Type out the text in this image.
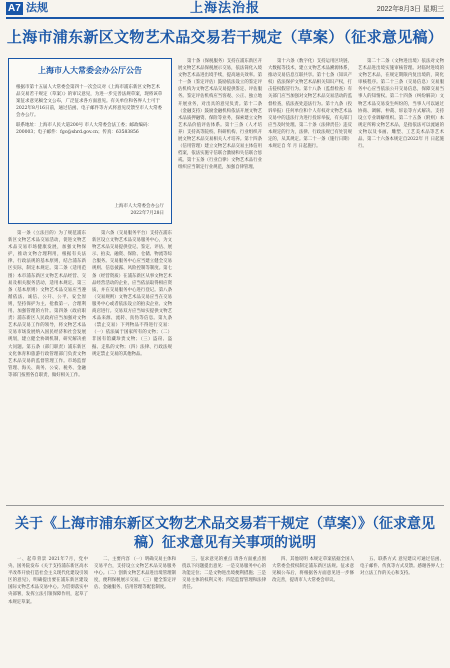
A7 法规	上海法治报	2022年8月3日 星期三
上海市浦东新区文物艺术品交易若干规定（草案）（征求意见稿）
上海市人大常委会办公厅公告
根据市第十五届人大常委会第四十一次会议对《上海市浦东新区文物艺术品交易若干规定（草案）》的审议意见，为进一步完善法规草案，现将该草案征求意见稿全文公布，广泛征求各方面意见。有关单位和各界人士可于2022年8月16日前，通过信函、电子邮件等方式将意见反馈至市人大常委会办公厅。
联系地址：上海市人民大道200号 市人大常委会法工委；邮政编码：200003；电子邮件：fgc@shrd.gov.cn；传真：63583856
上海市人大常委会办公厅
2022年7月28日

第一条（立法目的）为了规范浦东新区文物艺术品交易活动，促进文物艺术品交易市场健康发展，加强文物保护，推动文物合理利用，根据有关法律、行政法规的基本原则，结合浦东新区实际，制定本规定。第二条（适用范围）本市浦东新区文物艺术品经营、交易及相关服务活动，适用本规定。第三条（基本原则）文物艺术品交易应当遵循依法、诚信、公开、公平、安全原则，坚持保护为主、抢救第一、合理利用、加强管理的方针。第四条（政府职责）浦东新区人民政府应当加强对文物艺术品交易工作的领导，将文物艺术品交易市场发展纳入国民经济和社会发展规划，建立健全协调机制，研究解决重大问题。第五条（部门职责）浦东新区文化体育和旅游行政管理部门负责文物艺术品交易的监督管理工作。市场监督管理、海关、商务、公安、税务、金融等部门按照各自职责，做好相关工作。

第六条（交易服务平台）支持在浦东新区设立文物艺术品交易服务中心，为文物艺术品交易提供登记、鉴定、评估、展示、拍卖、融资、保险、仓储、物流等综合服务。交易服务中心应当建立健全交易规则、信息披露、风险控制等制度。第七条（经营资质）在浦东新区从事文物艺术品经营活动的企业，应当依法取得相应资质，并在交易服务中心进行登记。第八条（交易规则）文物艺术品交易应当在交易服务中心或者依法设立的拍卖企业、文物商店进行。交易双方应当如实提供文物艺术品来源、流转、真伪等信息。第九条（禁止交易）下列物品不得进行交易：（一）依法属于国家所有的文物；（二）非国有馆藏珍贵文物；（三）盗窃、盗掘、走私的文物；（四）法律、行政法规规定禁止交易的其他物品。

第十条（保税服务）支持在浦东新区开展文物艺术品保税展示交易，依法简化入境文物艺术品进出境手续，提高通关效率。第十一条（鉴定评估）鼓励依法设立的鉴定评估机构为文物艺术品交易提供鉴定、评估服务。鉴定评估机构应当客观、公正、独立地开展业务，对出具的意见负责。第十二条（金融支持）鼓励金融机构依法开展文物艺术品质押融资、保险等业务，探索建立文物艺术品价值评估体系。第十三条（人才培养）支持高等院校、科研机构、行业组织开展文物艺术品交易相关人才培养。第十四条（信用管理）建立文物艺术品交易主体信用档案，依法实施守信联合激励和失信联合惩戒。第十五条（行业自律）文物艺术品行业组织应当制定行业规范，加强自律管理。

第十六条（数字化）支持运用区块链、大数据等技术，建立文物艺术品溯源体系，推动交易信息互联共享。第十七条（知识产权）依法保护文物艺术品相关知识产权，打击侵权假冒行为。第十八条（监督检查）有关部门应当加强对文物艺术品交易活动的监督检查，依法查处违法行为。第十九条（投诉举报）任何单位和个人有权对文物艺术品交易中的违法行为进行投诉举报，有关部门应当及时处理。第二十条（法律责任）违反本规定的行为，法律、行政法规已有处罚规定的，从其规定。第二十一条（施行日期）本规定自 年 月 日起施行。

第二十二条（文物进出境）依法对文物艺术品进出境实施审核管理。对临时进境的文物艺术品，在规定期限内复出境的，简化审核程序。第二十三条（交易信息）交易服务中心应当依法公开交易信息，保障交易当事人的知情权。第二十四条（纠纷解决）文物艺术品交易发生纠纷的，当事人可以通过协商、调解、仲裁、诉讼等方式解决。支持设立专业调解组织。第二十五条（附则）本规定所称文物艺术品，是指依法可以流通的文物以及书画、雕塑、工艺美术品等艺术品。第二十六条本规定自2022年 月 日起施行。

关于《上海市浦东新区文物艺术品交易若干规定（草案）》（征求意见稿）征求意见有关事项的说明

一、起草背景 2021年7月，党中央、国务院发布《关于支持浦东新区高水平改革开放打造社会主义现代化建设引领区的意见》，明确提出要在浦东新区建设国际文物艺术品交易中心。为贯彻落实中央部署，发挥立法引领保障作用，起草了本规定草案。

二、主要内容 （一）明确交易主体和交易平台，支持设立文物艺术品交易服务中心。（二）创新文物艺术品进出境管理制度，便利保税展示交易。（三）健全鉴定评估、金融服务、信用管理等配套制度。

三、征求意见的重点 请各方面重点围绕以下问题提出意见：一是交易服务中心的功能定位；二是文物进出境便利措施；三是交易主体的权利义务；四是监督管理和法律责任。

四、其他说明 本规定草案依据全国人大常委会授权制定浦东新区法规。征求意见稿公布后，将根据各方面意见进一步修改完善，提请市人大常委会审议。

五、联系方式 意见建议可通过信函、电子邮件、传真等方式反馈。感谢各界人士对立法工作的关心和支持。
